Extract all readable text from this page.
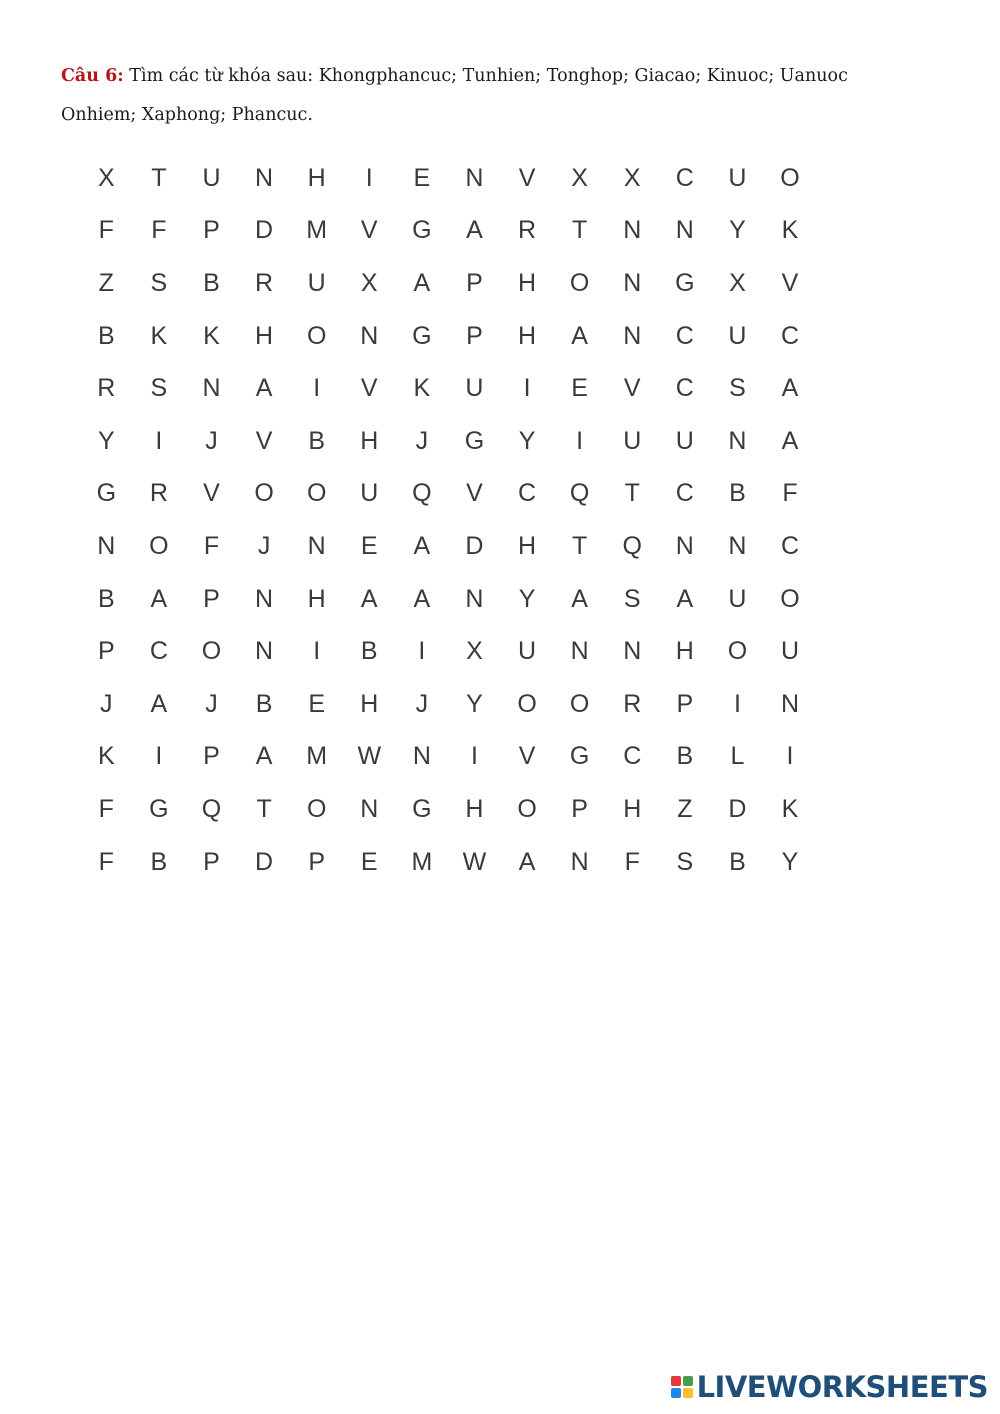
Câu 6: Tìm các từ khóa sau: Khongphancuc; Tunhien; Tonghop; Giacao; Kinuoc; Uanuoc Onhiem; Xaphong; Phancuc.
X	T	U	N	H	I	E	N	V	X	X	C	U	O
F	F	P	D	M	V	G	A	R	T	N	N	Y	K
Z	S	B	R	U	X	A	P	H	O	N	G	X	V
B	K	K	H	O	N	G	P	H	A	N	C	U	C
R	S	N	A	I	V	K	U	I	E	V	C	S	A
Y	I	J	V	B	H	J	G	Y	I	U	U	N	A
G	R	V	O	O	U	Q	V	C	Q	T	C	B	F
N	O	F	J	N	E	A	D	H	T	Q	N	N	C
B	A	P	N	H	A	A	N	Y	A	S	A	U	O
P	C	O	N	I	B	I	X	U	N	N	H	O	U
J	A	J	B	E	H	J	Y	O	O	R	P	I	N
K	I	P	A	M	W	N	I	V	G	C	B	L	I
F	G	Q	T	O	N	G	H	O	P	H	Z	D	K
F	B	P	D	P	E	M	W	A	N	F	S	B	Y
LIVEWORKSHEETS
